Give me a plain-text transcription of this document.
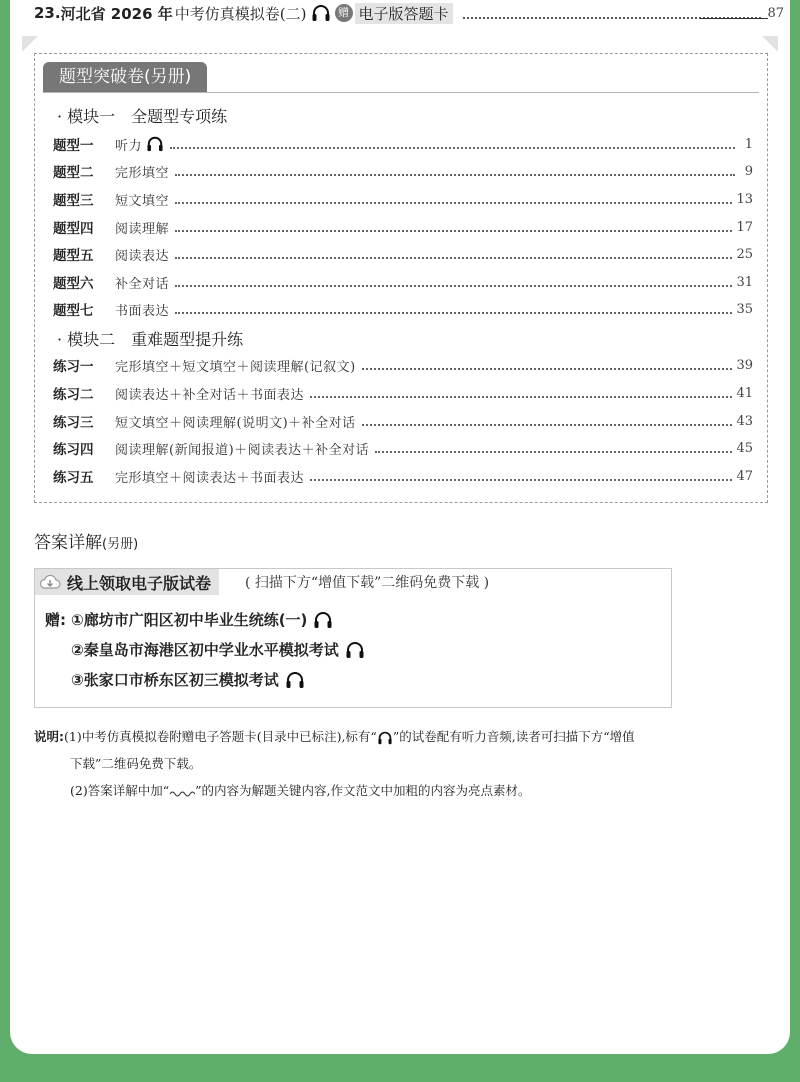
23. 河北省 2026 年 中考仿真模拟卷(二)	赠 电子版答题卡	87
题型突破卷(另册)
· 模块一　全题型专项练
题型一	听力	1
题型二	完形填空	9
题型三	短文填空	13
题型四	阅读理解	17
题型五	阅读表达	25
题型六	补全对话	31
题型七	书面表达	35
· 模块二　重难题型提升练
练习一	完形填空＋短文填空＋阅读理解(记叙文)	39
练习二	阅读表达＋补全对话＋书面表达	41
练习三	短文填空＋阅读理解(说明文)＋补全对话	43
练习四	阅读理解(新闻报道)＋阅读表达＋补全对话	45
练习五	完形填空＋阅读表达＋书面表达	47
答案详解(另册)
线上领取电子版试卷 ( 扫描下方“增值下载”二维码免费下载 )
赠: ①廊坊市广阳区初中毕业生统练(一)
②秦皇岛市海港区初中学业水平模拟考试
③张家口市桥东区初三模拟考试
说明:(1)中考仿真模拟卷附赠电子答题卡(目录中已标注),标有“ ”的试卷配有听力音频,读者可扫描下方“增值
下载”二维码免费下载。
(2)答案详解中加“ ”的内容为解题关键内容,作文范文中加粗的内容为亮点素材。
